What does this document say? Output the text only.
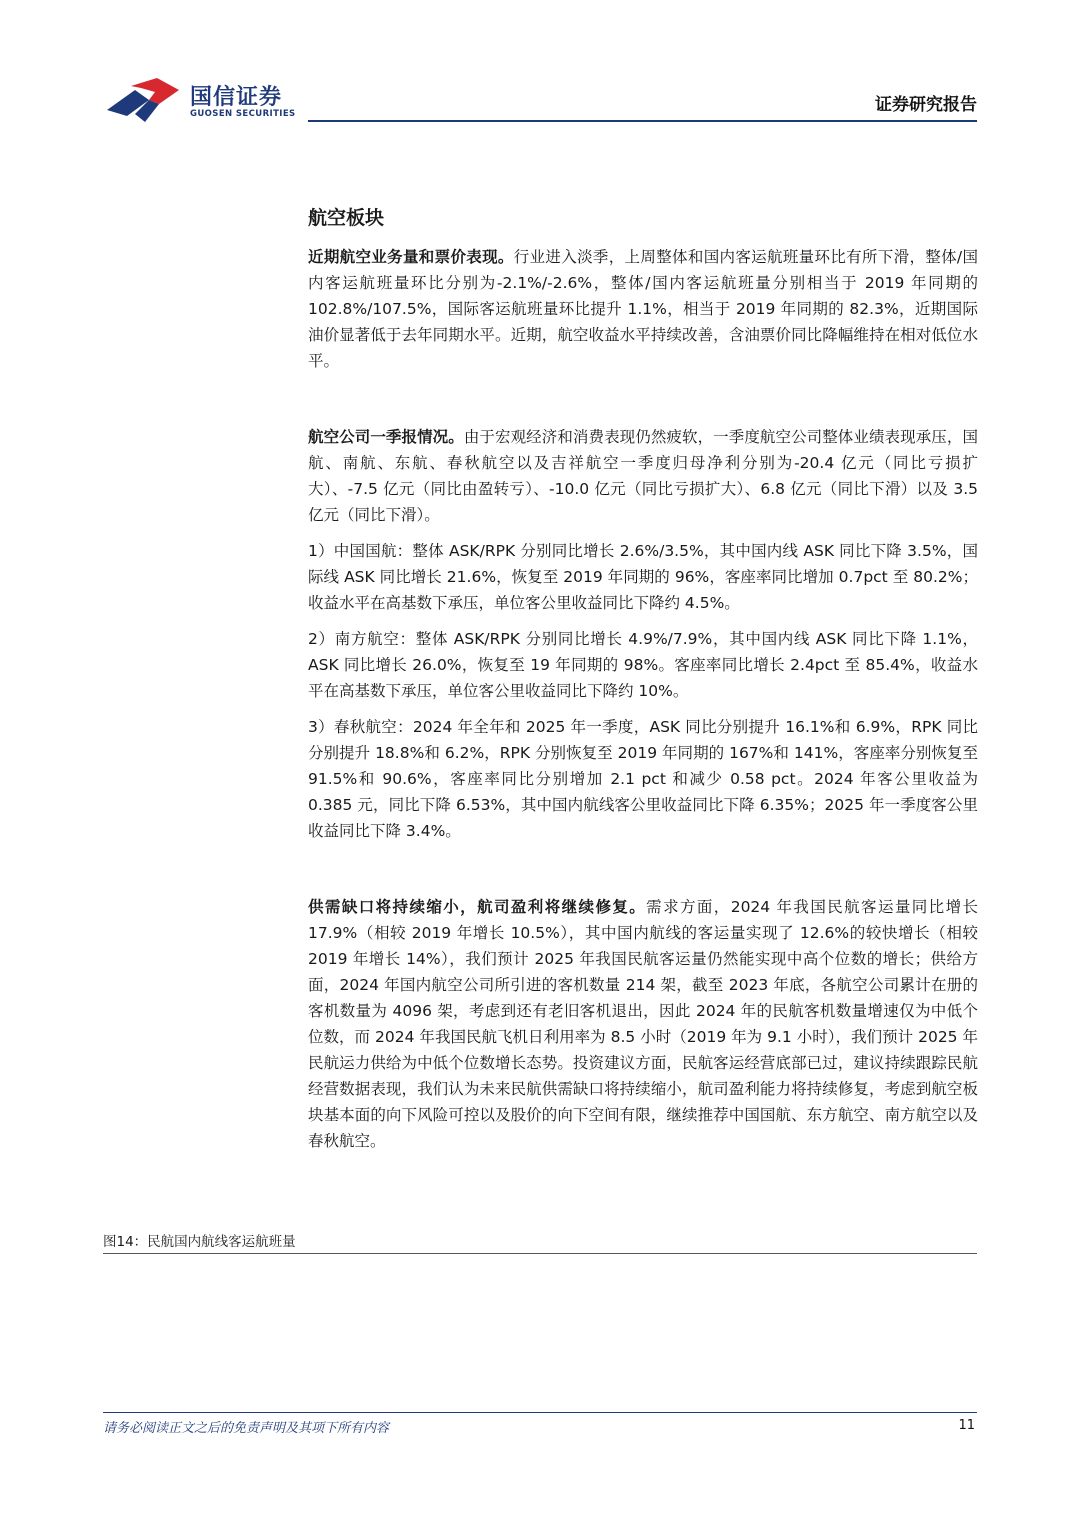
国信证券
GUOSEN SECURITIES	证券研究报告
航空板块

近期航空业务量和票价表现。行业进入淡季，上周整体和国内客运航班量环比有所下滑，整体/国内客运航班量环比分别为-2.1%/-2.6%，整体/国内客运航班量分别相当于 2019 年同期的 102.8%/107.5%，国际客运航班量环比提升 1.1%，相当于 2019 年同期的 82.3%，近期国际油价显著低于去年同期水平。近期，航空收益水平持续改善，含油票价同比降幅维持在相对低位水平。

航空公司一季报情况。由于宏观经济和消费表现仍然疲软，一季度航空公司整体业绩表现承压，国航、南航、东航、春秋航空以及吉祥航空一季度归母净利分别为-20.4 亿元（同比亏损扩大）、-7.5 亿元（同比由盈转亏）、-10.0 亿元（同比亏损扩大）、6.8 亿元（同比下滑）以及 3.5 亿元（同比下滑）。

1）中国国航：整体 ASK/RPK 分别同比增长 2.6%/3.5%，其中国内线 ASK 同比下降 3.5%，国际线 ASK 同比增长 21.6%，恢复至 2019 年同期的 96%，客座率同比增加 0.7pct 至 80.2%；收益水平在高基数下承压，单位客公里收益同比下降约 4.5%。

2）南方航空：整体 ASK/RPK 分别同比增长 4.9%/7.9%，其中国内线 ASK 同比下降 1.1%，ASK 同比增长 26.0%，恢复至 19 年同期的 98%。客座率同比增长 2.4pct 至 85.4%，收益水平在高基数下承压，单位客公里收益同比下降约 10%。

3）春秋航空：2024 年全年和 2025 年一季度，ASK 同比分别提升 16.1%和 6.9%，RPK 同比分别提升 18.8%和 6.2%，RPK 分别恢复至 2019 年同期的 167%和 141%，客座率分别恢复至 91.5%和 90.6%，客座率同比分别增加 2.1 pct 和减少 0.58 pct。2024 年客公里收益为 0.385 元，同比下降 6.53%，其中国内航线客公里收益同比下降 6.35%；2025 年一季度客公里收益同比下降 3.4%。

供需缺口将持续缩小，航司盈利将继续修复。需求方面，2024 年我国民航客运量同比增长 17.9%（相较 2019 年增长 10.5%），其中国内航线的客运量实现了 12.6%的较快增长（相较 2019 年增长 14%），我们预计 2025 年我国民航客运量仍然能实现中高个位数的增长；供给方面，2024 年国内航空公司所引进的客机数量 214 架，截至 2023 年底，各航空公司累计在册的客机数量为 4096 架，考虑到还有老旧客机退出，因此 2024 年的民航客机数量增速仅为中低个位数，而 2024 年我国民航飞机日利用率为 8.5 小时（2019 年为 9.1 小时），我们预计 2025 年民航运力供给为中低个位数增长态势。投资建议方面，民航客运经营底部已过，建议持续跟踪民航经营数据表现，我们认为未来民航供需缺口将持续缩小，航司盈利能力将持续修复，考虑到航空板块基本面的向下风险可控以及股价的向下空间有限，继续推荐中国国航、东方航空、南方航空以及春秋航空。

图14：民航国内航线客运航班量
请务必阅读正文之后的免责声明及其项下所有内容	11
